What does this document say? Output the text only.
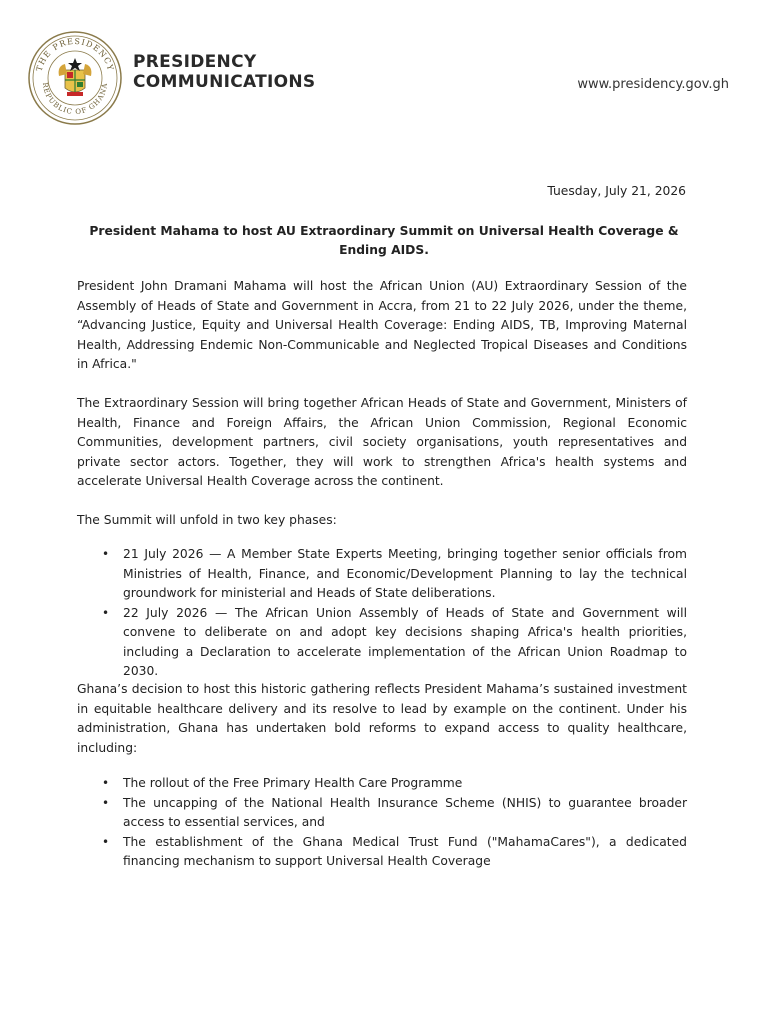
THE PRESIDENCY
REPUBLIC OF GHANA
PRESIDENCY
COMMUNICATIONS	www.presidency.gov.gh
Tuesday, July 21, 2026
President Mahama to host AU Extraordinary Summit on Universal Health Coverage & Ending AIDS.

President John Dramani Mahama will host the African Union (AU) Extraordinary Session of the Assembly of Heads of State and Government in Accra, from 21 to 22 July 2026, under the theme, “Advancing Justice, Equity and Universal Health Coverage: Ending AIDS, TB, Improving Maternal Health, Addressing Endemic Non-Communicable and Neglected Tropical Diseases and Conditions in Africa."

The Extraordinary Session will bring together African Heads of State and Government, Ministers of Health, Finance and Foreign Affairs, the African Union Commission, Regional Economic Communities, development partners, civil society organisations, youth representatives and private sector actors. Together, they will work to strengthen Africa's health systems and accelerate Universal Health Coverage across the continent.

The Summit will unfold in two key phases:

• 21 July 2026 — A Member State Experts Meeting, bringing together senior officials from Ministries of Health, Finance, and Economic/Development Planning to lay the technical groundwork for ministerial and Heads of State deliberations.
• 22 July 2026 — The African Union Assembly of Heads of State and Government will convene to deliberate on and adopt key decisions shaping Africa's health priorities, including a Declaration to accelerate implementation of the African Union Roadmap to 2030.

Ghana’s decision to host this historic gathering reflects President Mahama’s sustained investment in equitable healthcare delivery and its resolve to lead by example on the continent. Under his administration, Ghana has undertaken bold reforms to expand access to quality healthcare, including:

• The rollout of the Free Primary Health Care Programme
• The uncapping of the National Health Insurance Scheme (NHIS) to guarantee broader access to essential services, and
• The establishment of the Ghana Medical Trust Fund ("MahamaCares"), a dedicated financing mechanism to support Universal Health Coverage
